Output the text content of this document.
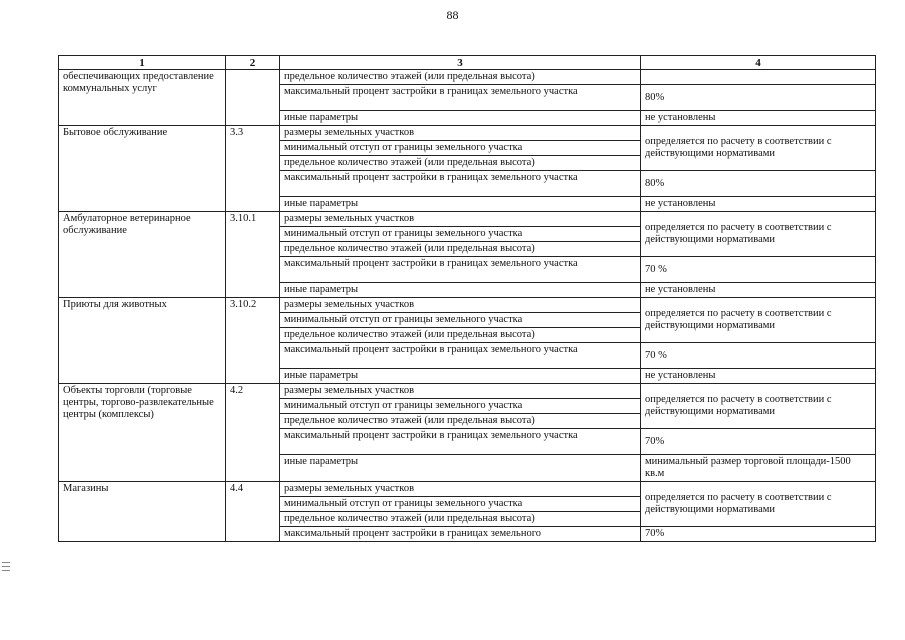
88
1	2	3	4
обеспечивающих предоставление коммунальных услуг		предельное количество этажей (или предельная высота)	
		максимальный процент застройки в границах земельного участка	80%
		иные параметры	не установлены
Бытовое обслуживание	3.3	размеры земельных участков	определяется по расчету в соответствии с действующими нормативами
		минимальный отступ от границы земельного участка	
		предельное количество этажей (или предельная высота)	
		максимальный процент застройки в границах земельного участка	80%
		иные параметры	не установлены
Амбулаторное ветеринарное обслуживание	3.10.1	размеры земельных участков	определяется по расчету в соответствии с действующими нормативами
		минимальный отступ от границы земельного участка	
		предельное количество этажей (или предельная высота)	
		максимальный процент застройки в границах земельного участка	70 %
		иные параметры	не установлены
Приюты для животных	3.10.2	размеры земельных участков	определяется по расчету в соответствии с действующими нормативами
		минимальный отступ от границы земельного участка	
		предельное количество этажей (или предельная высота)	
		максимальный процент застройки в границах земельного участка	70 %
		иные параметры	не установлены
Объекты торговли (торговые центры, торгово-развлекательные центры (комплексы)	4.2	размеры земельных участков	определяется по расчету в соответствии с действующими нормативами
		минимальный отступ от границы земельного участка	
		предельное количество этажей (или предельная высота)	
		максимальный процент застройки в границах земельного участка	70%
		иные параметры	минимальный размер торговой площади-1500 кв.м
Магазины	4.4	размеры земельных участков	определяется по расчету в соответствии с действующими нормативами
		минимальный отступ от границы земельного участка	
		предельное количество этажей (или предельная высота)	
		максимальный процент застройки в границах земельного	70%
